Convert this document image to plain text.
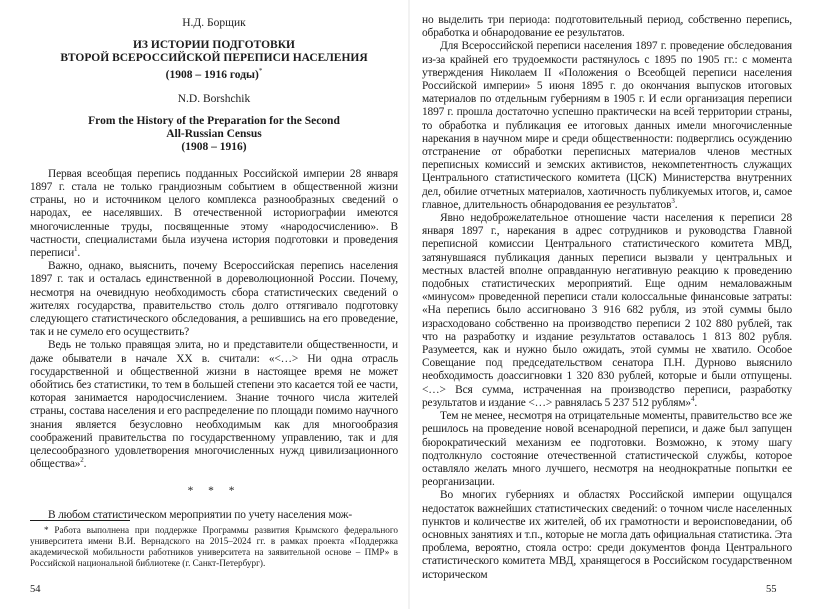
Н.Д. Борщик

ИЗ ИСТОРИИ ПОДГОТОВКИ
ВТОРОЙ ВСЕРОССИЙСКОЙ ПЕРЕПИСИ НАСЕЛЕНИЯ
(1908 – 1916 годы)*

N.D. Borshchik

From the History of the Preparation for the Second
All-Russian Census
(1908 – 1916)

Первая всеобщая перепись подданных Российской империи 28 января 1897 г. стала не только грандиозным событием в общественной жизни страны, но и источником целого комплекса разнообразных сведений о народах, ее населявших. В отечественной историографии имеются многочисленные труды, посвященные этому «народосчислению». В частности, специалистами была изучена история подготовки и проведения переписи$^1$.

Важно, однако, выяснить, почему Всероссийская перепись населения 1897 г. так и осталась единственной в дореволюционной России. Почему, несмотря на очевидную необходимость сбора статистических сведений о жителях государства, правительство столь долго оттягивало подготовку следующего статистического обследования, а решившись на его проведение, так и не сумело его осуществить?

Ведь не только правящая элита, но и представители общественности, и даже обыватели в начале XX в. считали: «<…> Ни одна отрасль государственной и общественной жизни в настоящее время не может обойтись без статистики, то тем в большей степени это касается той ее части, которая занимается народосчислением. Знание точного числа жителей страны, состава населения и его распределение по площади помимо научного знания является безусловно необходимым как для многообразия соображений правительства по государственному управлению, так и для целесообразного удовлетворения многочисленных нужд цивилизационного общества»$^2$.

* * *

В любом статистическом мероприятии по учету населения мож-

* Работа выполнена при поддержке Программы развития Крымского федерального университета имени В.И. Вернадского на 2015–2024 гг. в рамках проекта «Поддержка академической мобильности работников университета на заявительной основе – ПМР» в Российской национальной библиотеке (г. Санкт-Петербург).

54

но выделить три периода: подготовительный период, собственно перепись, обработка и обнародование ее результатов.

Для Всероссийской переписи населения 1897 г. проведение обследования из-за крайней его трудоемкости растянулось с 1895 по 1905 гг.: с момента утверждения Николаем II «Положения о Всеобщей переписи населения Российской империи» 5 июня 1895 г. до окончания выпусков итоговых материалов по отдельным губерниям в 1905 г. И если организация переписи 1897 г. прошла достаточно успешно практически на всей территории страны, то обработка и публикация ее итоговых данных имели многочисленные нарекания в научном мире и среди общественности: подверглись осуждению отстранение от обработки переписных материалов членов местных переписных комиссий и земских активистов, некомпетентность служащих Центрального статистического комитета (ЦСК) Министерства внутренних дел, обилие отчетных материалов, хаотичность публикуемых итогов, и, самое главное, длительность обнародования ее результатов$^3$.

Явно недоброжелательное отношение части населения к переписи 28 января 1897 г., нарекания в адрес сотрудников и руководства Главной переписной комиссии Центрального статистического комитета МВД, затянувшаяся публикация данных переписи вызвали у центральных и местных властей вполне оправданную негативную реакцию к проведению подобных статистических мероприятий. Еще одним немаловажным «минусом» проведенной переписи стали колоссальные финансовые затраты: «На перепись было ассигновано 3 916 682 рубля, из этой суммы было израсходовано собственно на производство переписи 2 102 880 рублей, так что на разработку и издание результатов оставалось 1 813 802 рубля. Разумеется, как и нужно было ожидать, этой суммы не хватило. Особое Совещание под председательством сенатора П.Н. Дурново выяснило необходимость доассигновки 1 320 830 рублей, которые и были отпущены. <…> Вся сумма, истраченная на производство переписи, разработку результатов и издание <…> равнялась 5 237 512 рублям»$^4$.

Тем не менее, несмотря на отрицательные моменты, правительство все же решилось на проведение новой всенародной переписи, и даже был запущен бюрократический механизм ее подготовки. Возможно, к этому шагу подтолкнуло состояние отечественной статистической службы, которое оставляло желать много лучшего, несмотря на неоднократные попытки ее реорганизации.

Во многих губерниях и областях Российской империи ощущался недостаток важнейших статистических сведений: о точном числе населенных пунктов и количестве их жителей, об их грамотности и вероисповедании, об основных занятиях и т.п., которые не могла дать официальная статистика. Эта проблема, вероятно, стояла остро: среди документов фонда Центрального статистического комитета МВД, хранящегося в Российском государственном историческом

55
